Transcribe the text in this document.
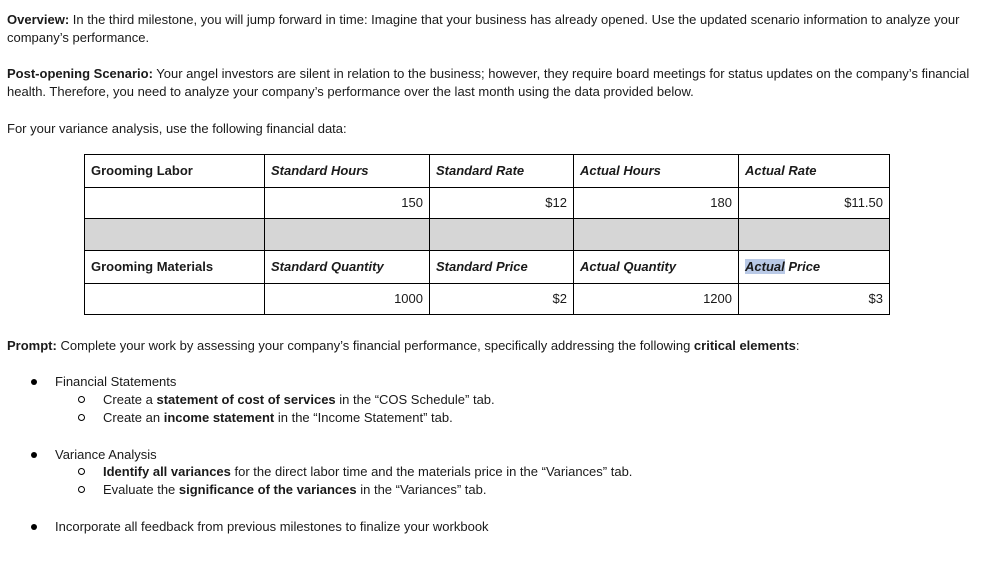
Overview: In the third milestone, you will jump forward in time: Imagine that your business has already opened. Use the updated scenario information to analyze your company’s performance.

Post-opening Scenario: Your angel investors are silent in relation to the business; however, they require board meetings for status updates on the company’s financial health. Therefore, you need to analyze your company’s performance over the last month using the data provided below.

For your variance analysis, use the following financial data:

Grooming Labor	Standard Hours	Standard Rate	Actual Hours	Actual Rate
	150	$12	180	$11.50

Grooming Materials	Standard Quantity	Standard Price	Actual Quantity	Actual Price
	1000	$2	1200	$3

Prompt: Complete your work by assessing your company’s financial performance, specifically addressing the following critical elements:

Financial Statements
Create a statement of cost of services in the “COS Schedule” tab.
Create an income statement in the “Income Statement” tab.
Variance Analysis
Identify all variances for the direct labor time and the materials price in the “Variances” tab.
Evaluate the significance of the variances in the “Variances” tab.
Incorporate all feedback from previous milestones to finalize your workbook
